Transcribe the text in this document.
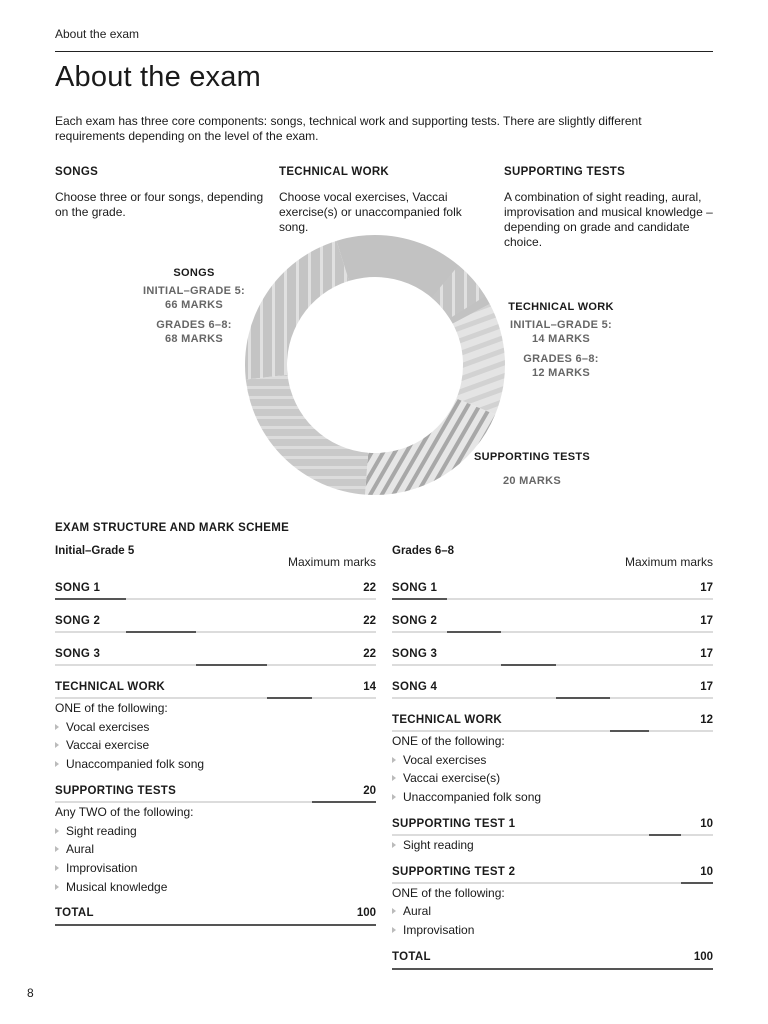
About the exam
About the exam

Each exam has three core components: songs, technical work and supporting tests. There are slightly different requirements depending on the level of the exam.

SONGS

Choose three or four songs, depending on the grade.

TECHNICAL WORK

Choose vocal exercises, Vaccai exercise(s) or unaccompanied folk song.

SUPPORTING TESTS

A combination of sight reading, aural, improvisation and musical knowledge – depending on grade and candidate choice.

SONGS
INITIAL–GRADE 5:
66 MARKS
GRADES 6–8:
68 MARKS
TECHNICAL WORK
INITIAL–GRADE 5:
14 MARKS
GRADES 6–8:
12 MARKS
SUPPORTING TESTS
20 MARKS
EXAM STRUCTURE AND MARK SCHEME
Initial–Grade 5
Maximum marks
SONG 1	22
SONG 2	22
SONG 3	22
TECHNICAL WORK	14
ONE of the following:
Vocal exercises
Vaccai exercise
Unaccompanied folk song
SUPPORTING TESTS	20
Any TWO of the following:
Sight reading
Aural
Improvisation
Musical knowledge
TOTAL	100
Grades 6–8
Maximum marks
SONG 1	17
SONG 2	17
SONG 3	17
SONG 4	17
TECHNICAL WORK	12
ONE of the following:
Vocal exercises
Vaccai exercise(s)
Unaccompanied folk song
SUPPORTING TEST 1	10
Sight reading
SUPPORTING TEST 2	10
ONE of the following:
Aural
Improvisation
TOTAL	100
8
